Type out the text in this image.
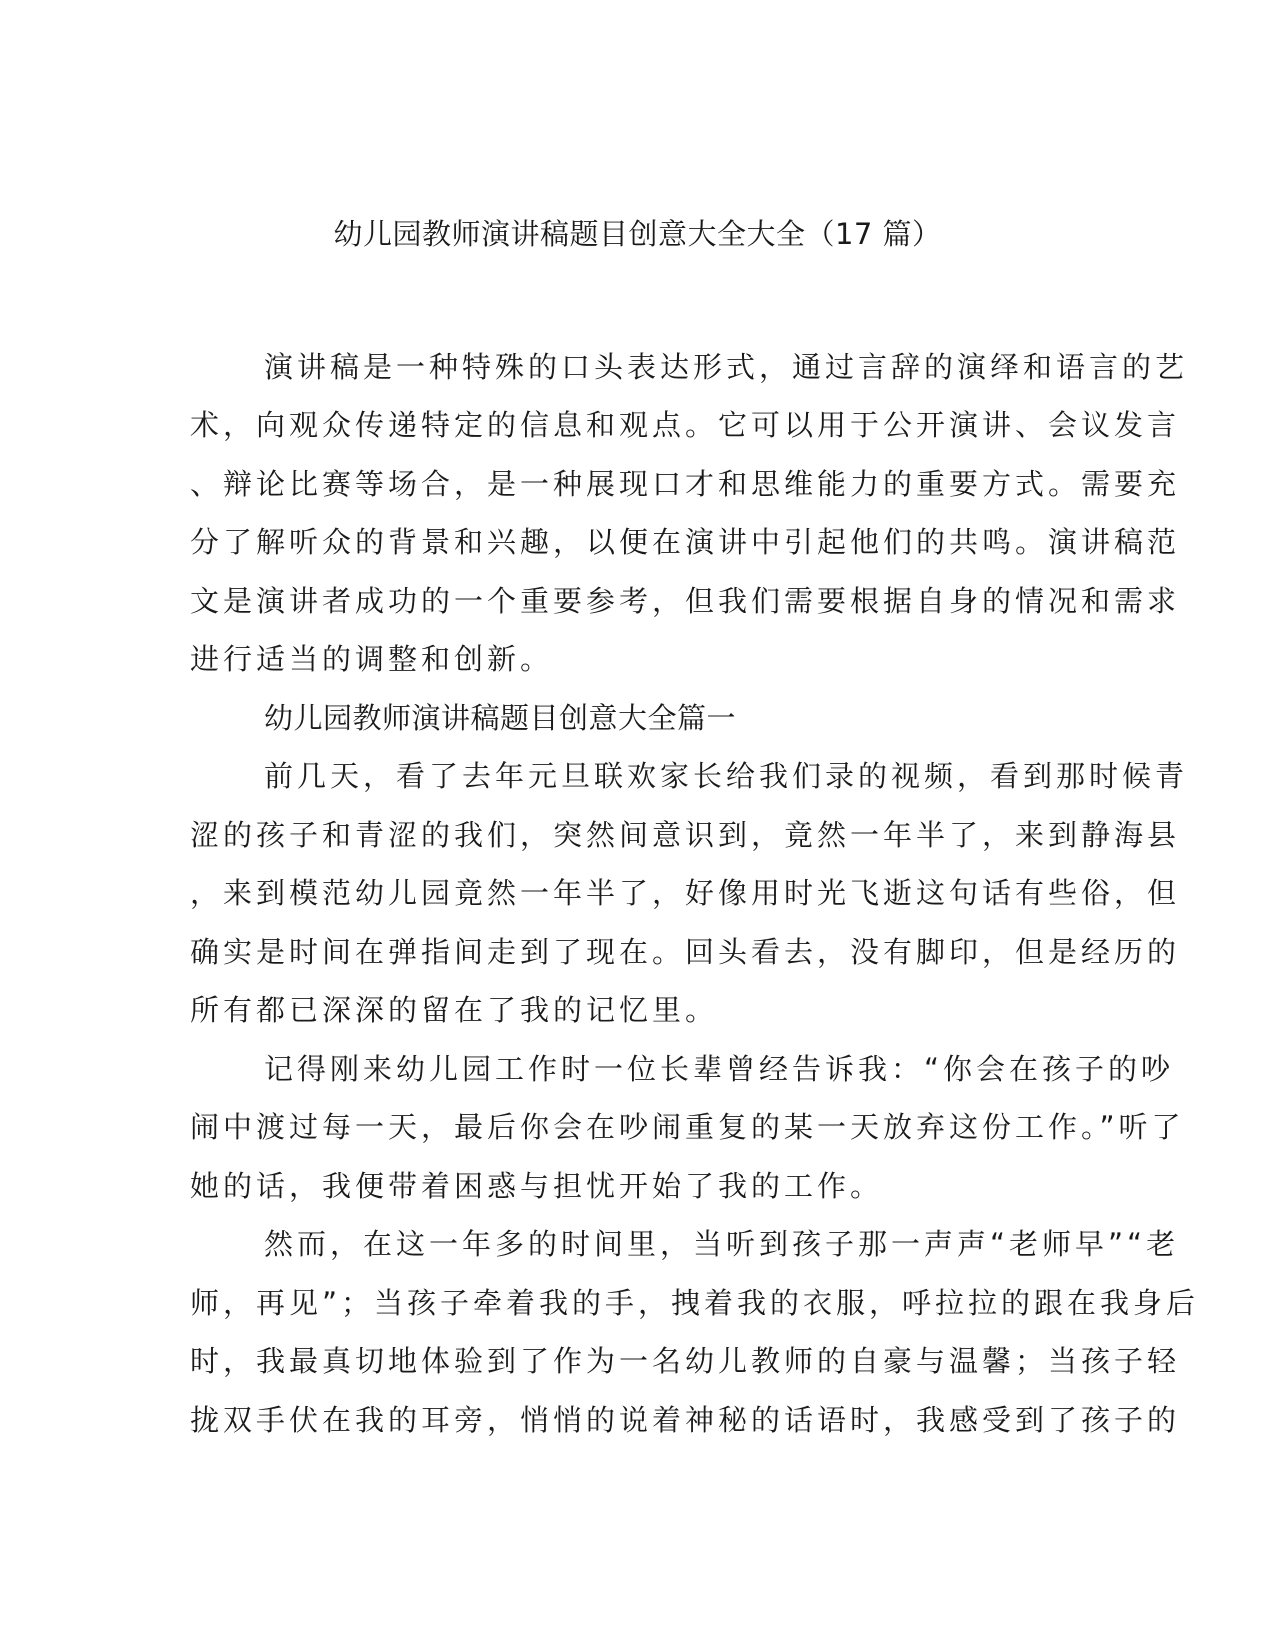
幼儿园教师演讲稿题目创意大全大全（17 篇）
演讲稿是一种特殊的口头表达形式，通过言辞的演绎和语言的艺
术，向观众传递特定的信息和观点。它可以用于公开演讲、会议发言
、辩论比赛等场合，是一种展现口才和思维能力的重要方式。需要充
分了解听众的背景和兴趣，以便在演讲中引起他们的共鸣。演讲稿范
文是演讲者成功的一个重要参考，但我们需要根据自身的情况和需求
进行适当的调整和创新。
幼儿园教师演讲稿题目创意大全篇一
前几天，看了去年元旦联欢家长给我们录的视频，看到那时候青
涩的孩子和青涩的我们，突然间意识到，竟然一年半了，来到静海县
，来到模范幼儿园竟然一年半了，好像用时光飞逝这句话有些俗，但
确实是时间在弹指间走到了现在。回头看去，没有脚印，但是经历的
所有都已深深的留在了我的记忆里。
记得刚来幼儿园工作时一位长辈曾经告诉我：“你会在孩子的吵
闹中渡过每一天，最后你会在吵闹重复的某一天放弃这份工作。”听了
她的话，我便带着困惑与担忧开始了我的工作。
然而，在这一年多的时间里，当听到孩子那一声声“老师早”“老
师，再见”；当孩子牵着我的手，拽着我的衣服，呼拉拉的跟在我身后
时，我最真切地体验到了作为一名幼儿教师的自豪与温馨；当孩子轻
拢双手伏在我的耳旁，悄悄的说着神秘的话语时，我感受到了孩子的
